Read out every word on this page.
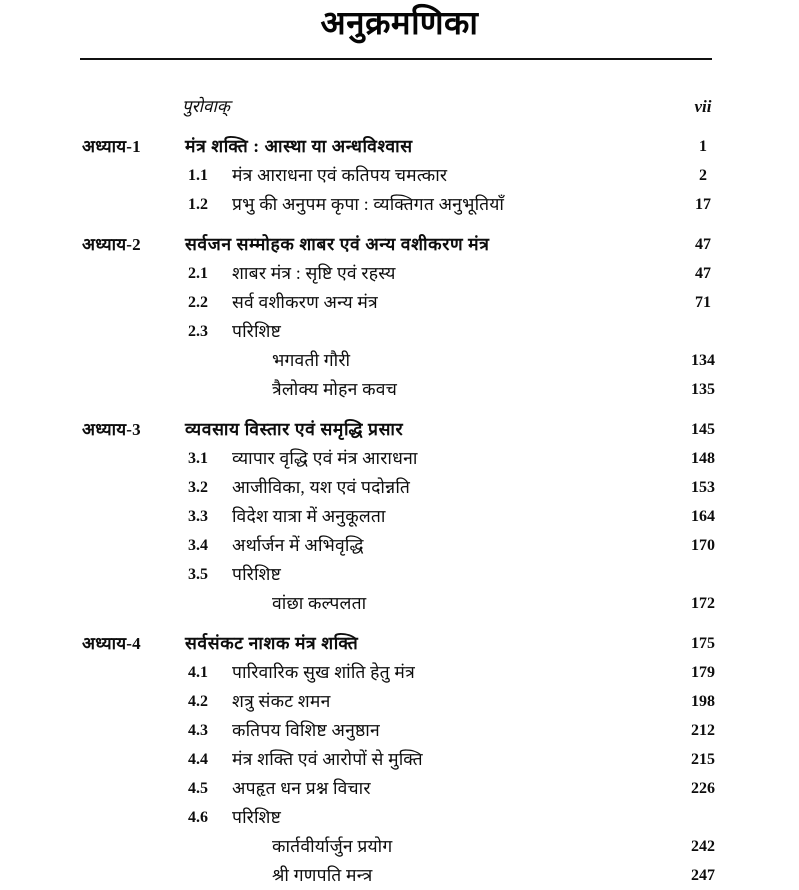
अनुक्रमणिका
पुरोवाक्	vii
अध्याय-1	मंत्र शक्ति : आस्था या अन्धविश्वास	1
1.1	मंत्र आराधना एवं कतिपय चमत्कार	2
1.2	प्रभु की अनुपम कृपा : व्यक्तिगत अनुभूतियाँ	17
अध्याय-2	सर्वजन सम्मोहक शाबर एवं अन्य वशीकरण मंत्र	47
2.1	शाबर मंत्र : सृष्टि एवं रहस्य	47
2.2	सर्व वशीकरण अन्य मंत्र	71
2.3	परिशिष्ट
भगवती गौरी	134
त्रैलोक्य मोहन कवच	135
अध्याय-3	व्यवसाय विस्तार एवं समृद्धि प्रसार	145
3.1	व्यापार वृद्धि एवं मंत्र आराधना	148
3.2	आजीविका, यश एवं पदोन्नति	153
3.3	विदेश यात्रा में अनुकूलता	164
3.4	अर्थार्जन में अभिवृद्धि	170
3.5	परिशिष्ट
वांछा कल्पलता	172
अध्याय-4	सर्वसंकट नाशक मंत्र शक्ति	175
4.1	पारिवारिक सुख शांति हेतु मंत्र	179
4.2	शत्रु संकट शमन	198
4.3	कतिपय विशिष्ट अनुष्ठान	212
4.4	मंत्र शक्ति एवं आरोपों से मुक्ति	215
4.5	अपहृत धन प्रश्न विचार	226
4.6	परिशिष्ट
कार्तवीर्यार्जुन प्रयोग	242
श्री गणपति मन्त्र	247
